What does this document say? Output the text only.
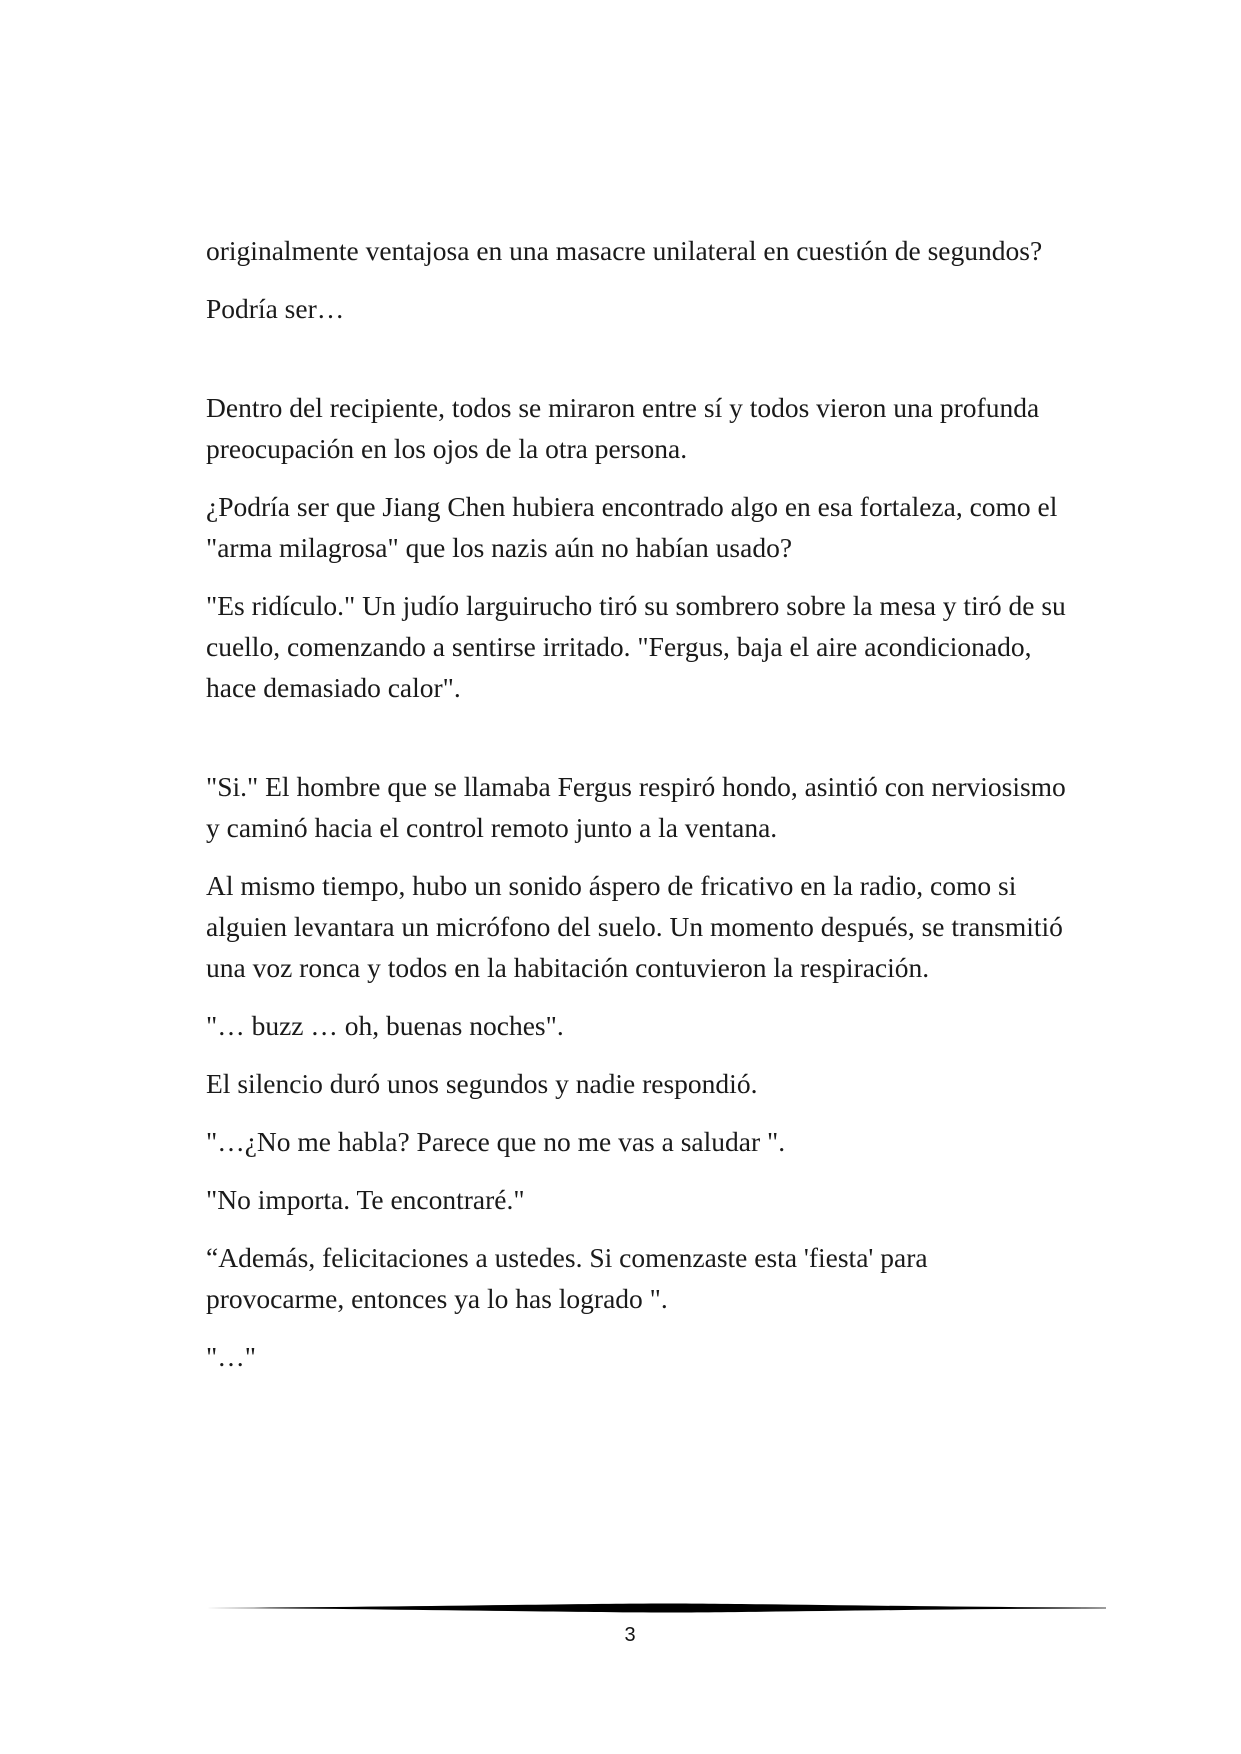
originalmente ventajosa en una masacre unilateral en cuestión de segundos?

Podría ser…

Dentro del recipiente, todos se miraron entre sí y todos vieron una profunda preocupación en los ojos de la otra persona.

¿Podría ser que Jiang Chen hubiera encontrado algo en esa fortaleza, como el "arma milagrosa" que los nazis aún no habían usado?

"Es ridículo." Un judío larguirucho tiró su sombrero sobre la mesa y tiró de su cuello, comenzando a sentirse irritado. "Fergus, baja el aire acondicionado, hace demasiado calor".

"Si." El hombre que se llamaba Fergus respiró hondo, asintió con nerviosismo y caminó hacia el control remoto junto a la ventana.

Al mismo tiempo, hubo un sonido áspero de fricativo en la radio, como si alguien levantara un micrófono del suelo. Un momento después, se transmitió una voz ronca y todos en la habitación contuvieron la respiración.

"… buzz … oh, buenas noches".

El silencio duró unos segundos y nadie respondió.

"…¿No me habla? Parece que no me vas a saludar ".

"No importa. Te encontraré."

“Además, felicitaciones a ustedes. Si comenzaste esta 'fiesta' para provocarme, entonces ya lo has logrado ".

"…"

3
